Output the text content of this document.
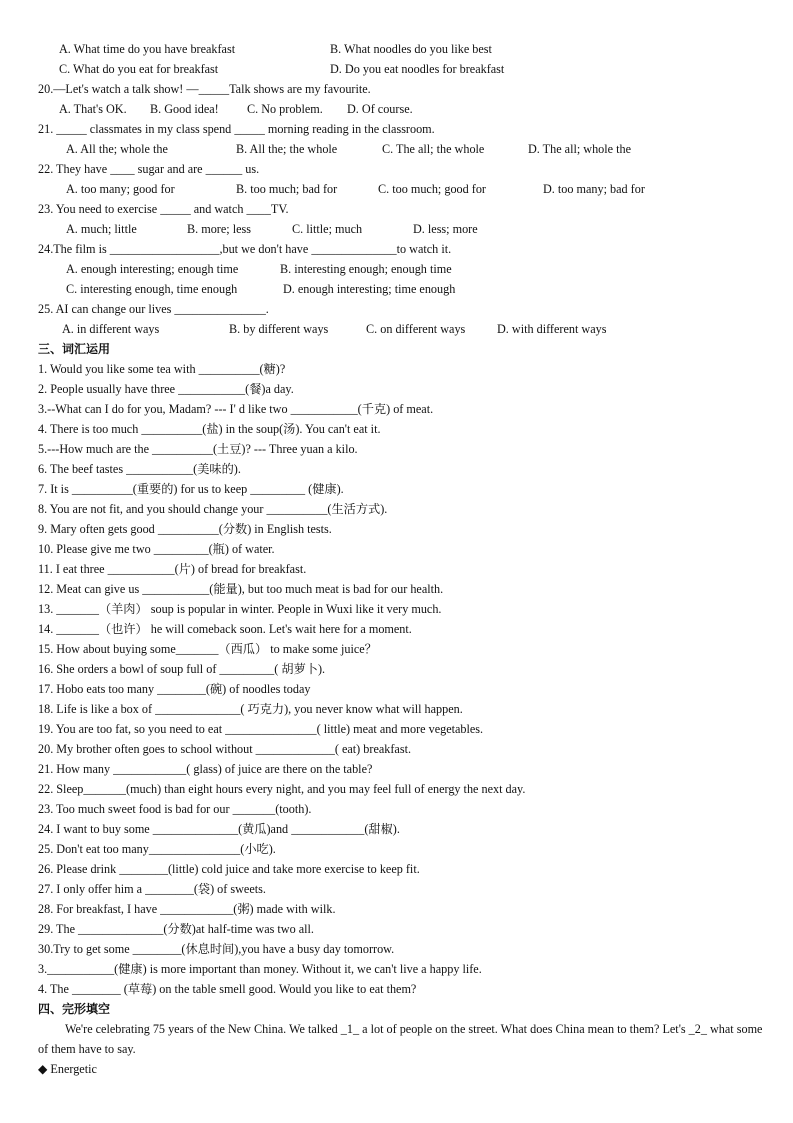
A. What time do you have breakfast	B. What noodles do you like best
C. What do you eat for breakfast	D. Do you eat noodles for breakfast
20.—Let's watch a talk show! —_____Talk shows are my favourite.
A. That's OK. B. Good idea! C. No problem. D. Of course.
21. _____ classmates in my class spend _____ morning reading in the classroom.
A. All the; whole the	B. All the; the whole	C. The all; the whole	D. The all; whole the
22. They have ____ sugar and are ______ us.
A. too many; good for	B. too much; bad for	C. too much; good for	D. too many; bad for
23. You need to exercise _____ and watch ____TV.
A. much; little	B. more; less	C. little; much	D. less; more
24.The film is __________________,but we don't have ______________to watch it.
A. enough interesting; enough time	B. interesting enough; enough time
C. interesting enough, time enough	D. enough interesting; time enough
25. AI can change our lives _______________.
A. in different ways	B. by different ways	C. on different ways	D. with different ways
三、词汇运用
1. Would you like some tea with __________(糖)?
2. People usually have three ___________(餐)a day.
3.--What can I do for you, Madam? --- I' d like two ___________(千克) of meat.
4. There is too much __________(盐) in the soup(汤). You can't eat it.
5.---How much are the __________(土豆)? --- Three yuan a kilo.
6. The beef tastes ___________(美味的).
7. It is __________(重要的) for us to keep _________ (健康).
8. You are not fit, and you should change your __________(生活方式).
9. Mary often gets good __________(分数) in English tests.
10. Please give me two _________(瓶) of water.
11. I eat three ___________(片) of bread for breakfast.
12. Meat can give us ___________(能量), but too much meat is bad for our health.
13. _______（羊肉） soup is popular in winter. People in Wuxi like it very much.
14. _______（也许） he will comeback soon. Let's wait here for a moment.
15. How about buying some_______（西瓜） to make some juice？
16. She orders a bowl of soup full of _________( 胡萝卜).
17. Hobo eats too many ________(碗) of noodles today
18. Life is like a box of ______________( 巧克力), you never know what will happen.
19. You are too fat, so you need to eat _______________( little) meat and more vegetables.
20. My brother often goes to school without _____________( eat) breakfast.
21. How many ____________( glass) of juice are there on the table?
22. Sleep_______(much) than eight hours every night, and you may feel full of energy the next day.
23. Too much sweet food is bad for our _______(tooth).
24. I want to buy some ______________(黄瓜)and ____________(甜椒).
25. Don't eat too many_______________(小吃).
26. Please drink ________(little) cold juice and take more exercise to keep fit.
27. I only offer him a ________(袋) of sweets.
28. For breakfast, I have ____________(粥) made with wilk.
29. The ______________(分数)at half-time was two all.
30.Try to get some ________(休息时间),you have a busy day tomorrow.
3.___________(健康) is more important than money. Without it, we can't live a happy life.
4. The ________ (草莓) on the table smell good. Would you like to eat them?
四、完形填空
We're celebrating 75 years of the New China. We talked _1_ a lot of people on the street. What does China mean to them? Let's _2_ what some of them have to say.
◆ Energetic
